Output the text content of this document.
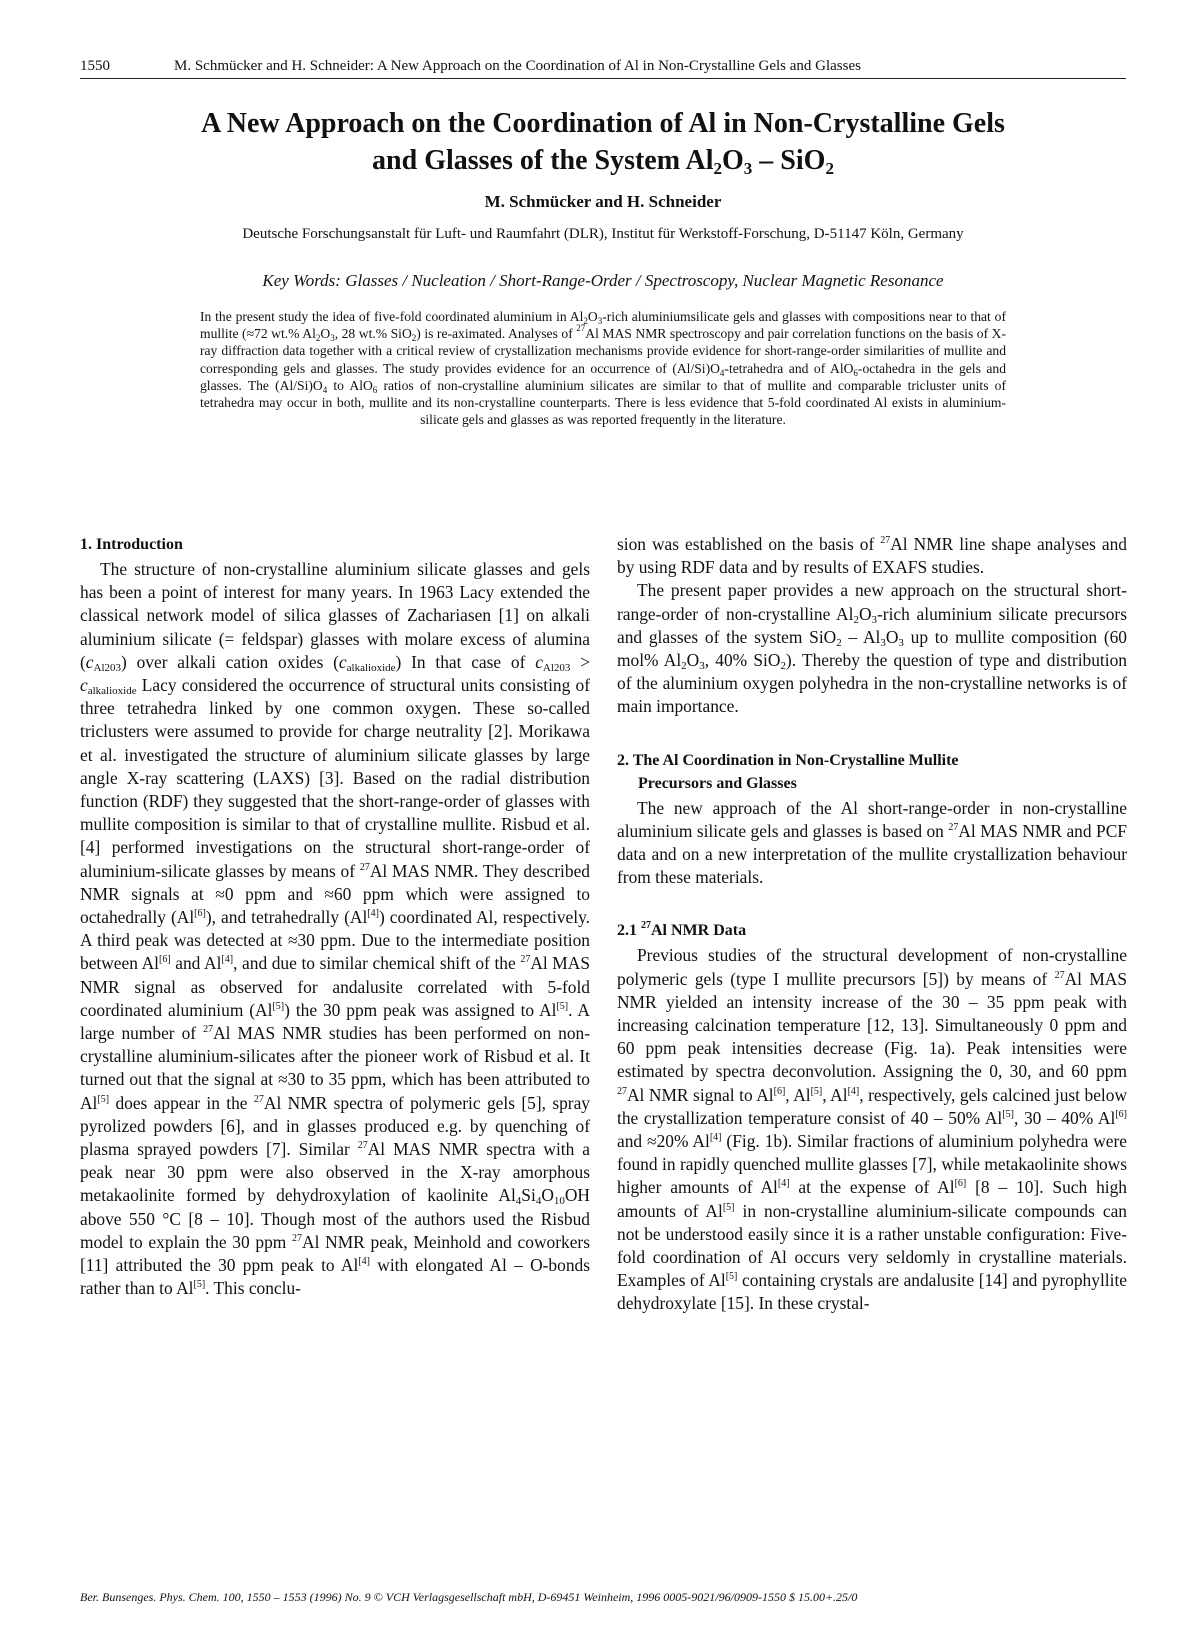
1550	M. Schmücker and H. Schneider: A New Approach on the Coordination of Al in Non-Crystalline Gels and Glasses
A New Approach on the Coordination of Al in Non-Crystalline Gels
and Glasses of the System $Al_2O_3 - SiO_2$
M. Schmücker and H. Schneider
Deutsche Forschungsanstalt für Luft- und Raumfahrt (DLR), Institut für Werkstoff-Forschung, D-51147 Köln, Germany
Key Words: Glasses / Nucleation / Short-Range-Order / Spectroscopy, Nuclear Magnetic Resonance
In the present study the idea of five-fold coordinated aluminium in $Al_2O_3$-rich aluminiumsilicate gels and glasses with compositions near to that of mullite (≈72 wt.% $Al_2O_3$, 28 wt.% SiO$_2$) is re-aximated. Analyses of $^{27}$Al MAS NMR spectroscopy and pair correlation functions on the basis of X-ray diffraction data together with a critical review of crystallization mechanisms provide evidence for short-range-order similarities of mullite and corresponding gels and glasses. The study provides evidence for an occurrence of $(Al/Si)O_4$-tetrahedra and of AlO$_6$-octahedra in the gels and glasses. The $(Al/Si)O_4$ to AlO$_6$ ratios of non-crystalline aluminium silicates are similar to that of mullite and comparable tricluster units of tetrahedra may occur in both, mullite and its non-crystalline counterparts. There is less evidence that 5-fold coordinated Al exists in aluminium-silicate gels and glasses as was reported frequently in the literature.
1. Introduction

The structure of non-crystalline aluminium silicate glasses and gels has been a point of interest for many years. In 1963 Lacy extended the classical network model of silica glasses of Zachariasen [1] on alkali aluminium silicate (= feldspar) glasses with molare excess of alumina $(c_{Al203})$ over alkali cation oxides $(c_{alkalioxide})$ In that case of $c_{Al203} > c_{alkalioxide}$ Lacy considered the occurrence of structural units consisting of three tetrahedra linked by one common oxygen. These so-called triclusters were assumed to provide for charge neutrality [2]. Morikawa et al. investigated the structure of aluminium silicate glasses by large angle X-ray scattering (LAXS) [3]. Based on the radial distribution function (RDF) they suggested that the short-range-order of glasses with mullite composition is similar to that of crystalline mullite. Risbud et al. [4] performed investigations on the structural short-range-order of aluminium-silicate glasses by means of $^{27}$Al MAS NMR. They described NMR signals at ≈0 ppm and ≈60 ppm which were assigned to octahedrally (Al[6]), and tetrahedrally (Al[4]) coordinated Al, respectively. A third peak was detected at ≈30 ppm. Due to the intermediate position between Al[6] and Al[4], and due to similar chemical shift of the $^{27}$Al MAS NMR signal as observed for andalusite correlated with 5-fold coordinated aluminium (Al[5]) the 30 ppm peak was assigned to Al[5]. A large number of $^{27}$Al MAS NMR studies has been performed on non-crystalline aluminium-silicates after the pioneer work of Risbud et al. It turned out that the signal at ≈30 to 35 ppm, which has been attributed to Al[5] does appear in the $^{27}$Al NMR spectra of polymeric gels [5], spray pyrolized powders [6], and in glasses produced e.g. by quenching of plasma sprayed powders [7]. Similar $^{27}$Al MAS NMR spectra with a peak near 30 ppm were also observed in the X-ray amorphous metakaolinite formed by dehydroxylation of kaolinite $Al_4Si_4O_{10}OH$ above 550 °C [8 – 10]. Though most of the authors used the Risbud model to explain the 30 ppm $^{27}$Al NMR peak, Meinhold and coworkers [11] attributed the 30 ppm peak to Al[4] with elongated Al – O-bonds rather than to Al[5]. This conclu-

sion was established on the basis of $^{27}$Al NMR line shape analyses and by using RDF data and by results of EXAFS studies.

The present paper provides a new approach on the structural short-range-order of non-crystalline $Al_2O_3$-rich aluminium silicate precursors and glasses of the system $SiO_2 - Al_3O_3$ up to mullite composition (60 mol% $Al_2O_3$, 40% SiO$_2$). Thereby the question of type and distribution of the aluminium oxygen polyhedra in the non-crystalline networks is of main importance.

2. The Al Coordination in Non-Crystalline Mullite
Precursors and Glasses

The new approach of the Al short-range-order in non-crystalline aluminium silicate gels and glasses is based on $^{27}$Al MAS NMR and PCF data and on a new interpretation of the mullite crystallization behaviour from these materials.

2.1 $^{27}$Al NMR Data

Previous studies of the structural development of non-crystalline polymeric gels (type I mullite precursors [5]) by means of $^{27}$Al MAS NMR yielded an intensity increase of the 30 – 35 ppm peak with increasing calcination temperature [12, 13]. Simultaneously 0 ppm and 60 ppm peak intensities decrease (Fig. 1a). Peak intensities were estimated by spectra deconvolution. Assigning the 0, 30, and 60 ppm $^{27}$Al NMR signal to Al[6], Al[5], Al[4], respectively, gels calcined just below the crystallization temperature consist of 40 – 50% Al[5], 30 – 40% Al[6] and ≈20% Al[4] (Fig. 1b). Similar fractions of aluminium polyhedra were found in rapidly quenched mullite glasses [7], while metakaolinite shows higher amounts of Al[4] at the expense of Al[6] [8 – 10]. Such high amounts of Al[5] in non-crystalline aluminium-silicate compounds can not be understood easily since it is a rather unstable configuration: Five-fold coordination of Al occurs very seldomly in crystalline materials. Examples of Al[5] containing crystals are andalusite [14] and pyrophyllite dehydroxylate [15]. In these crystal-

Ber. Bunsenges. Phys. Chem. 100, 1550 – 1553 (1996) No. 9 © VCH Verlagsgesellschaft mbH, D-69451 Weinheim, 1996 0005-9021/96/0909-1550 $ 15.00+.25/0
